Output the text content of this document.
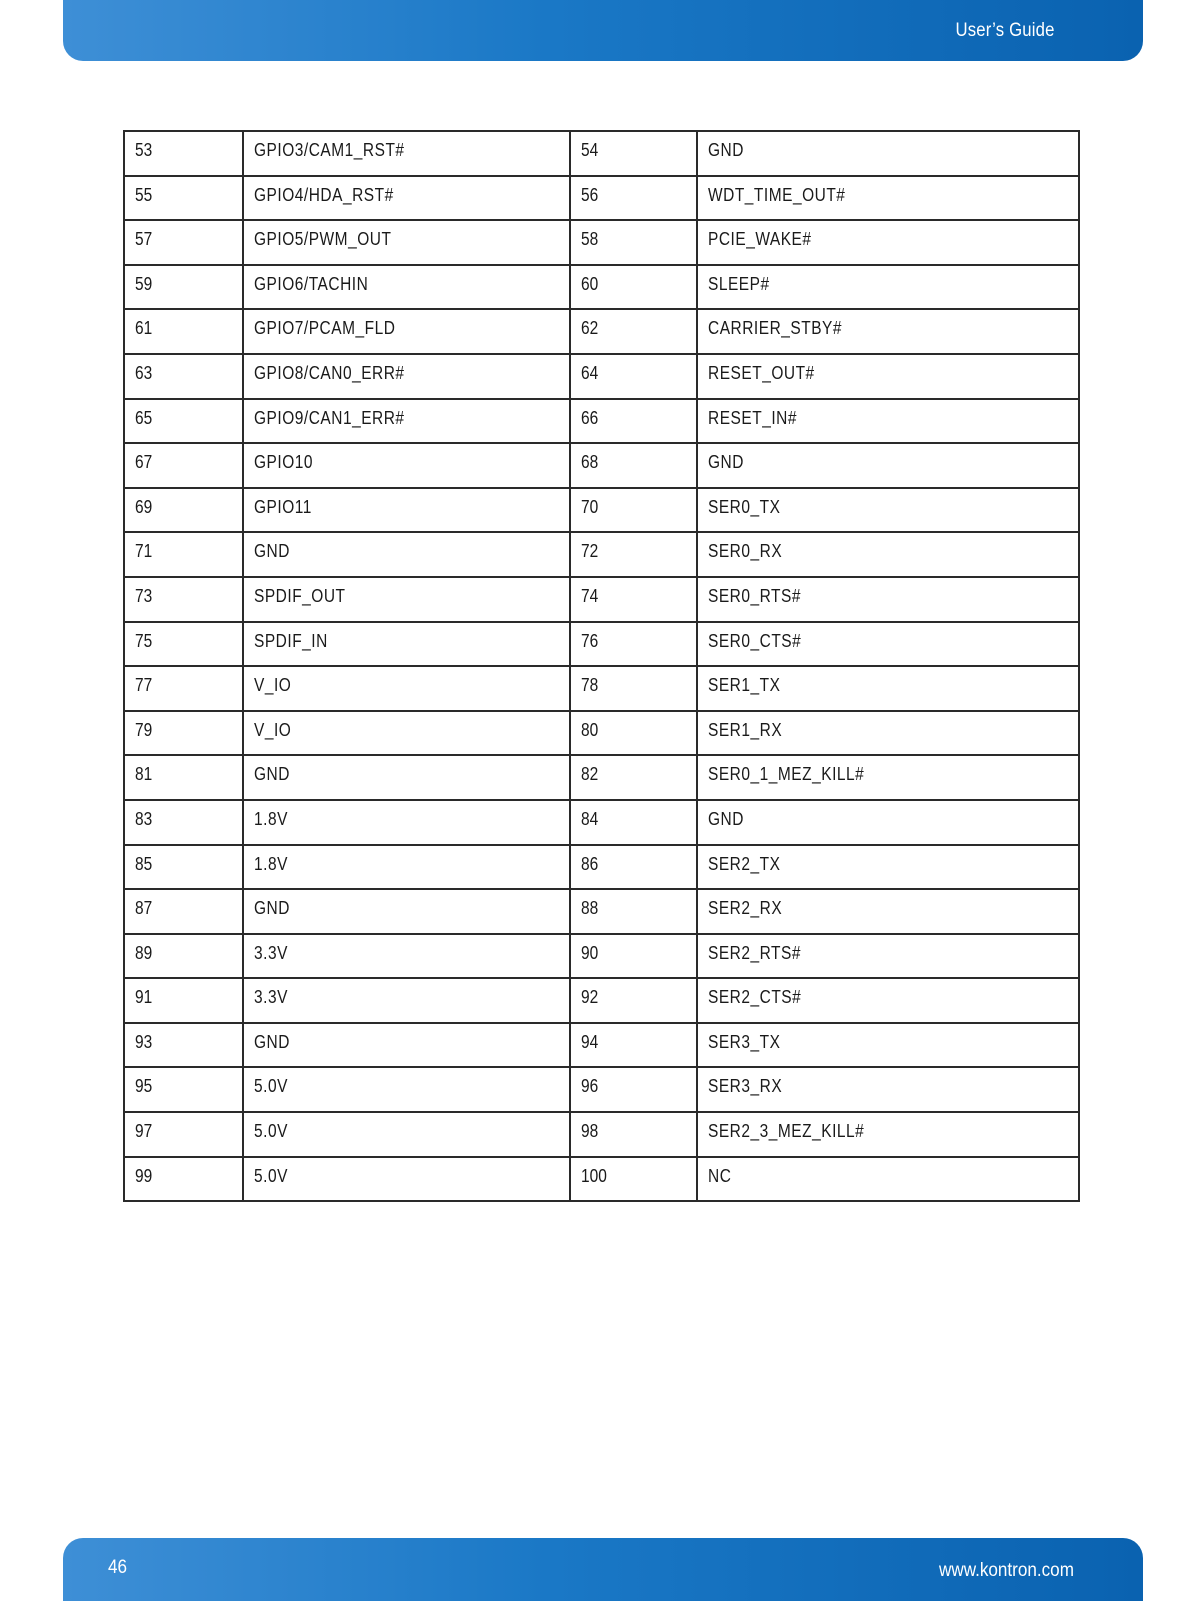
User’s Guide
53	GPIO3/CAM1_RST#	54	GND
55	GPIO4/HDA_RST#	56	WDT_TIME_OUT#
57	GPIO5/PWM_OUT	58	PCIE_WAKE#
59	GPIO6/TACHIN	60	SLEEP#
61	GPIO7/PCAM_FLD	62	CARRIER_STBY#
63	GPIO8/CAN0_ERR#	64	RESET_OUT#
65	GPIO9/CAN1_ERR#	66	RESET_IN#
67	GPIO10	68	GND
69	GPIO11	70	SER0_TX
71	GND	72	SER0_RX
73	SPDIF_OUT	74	SER0_RTS#
75	SPDIF_IN	76	SER0_CTS#
77	V_IO	78	SER1_TX
79	V_IO	80	SER1_RX
81	GND	82	SER0_1_MEZ_KILL#
83	1.8V	84	GND
85	1.8V	86	SER2_TX
87	GND	88	SER2_RX
89	3.3V	90	SER2_RTS#
91	3.3V	92	SER2_CTS#
93	GND	94	SER3_TX
95	5.0V	96	SER3_RX
97	5.0V	98	SER2_3_MEZ_KILL#
99	5.0V	100	NC
46	www.kontron.com
